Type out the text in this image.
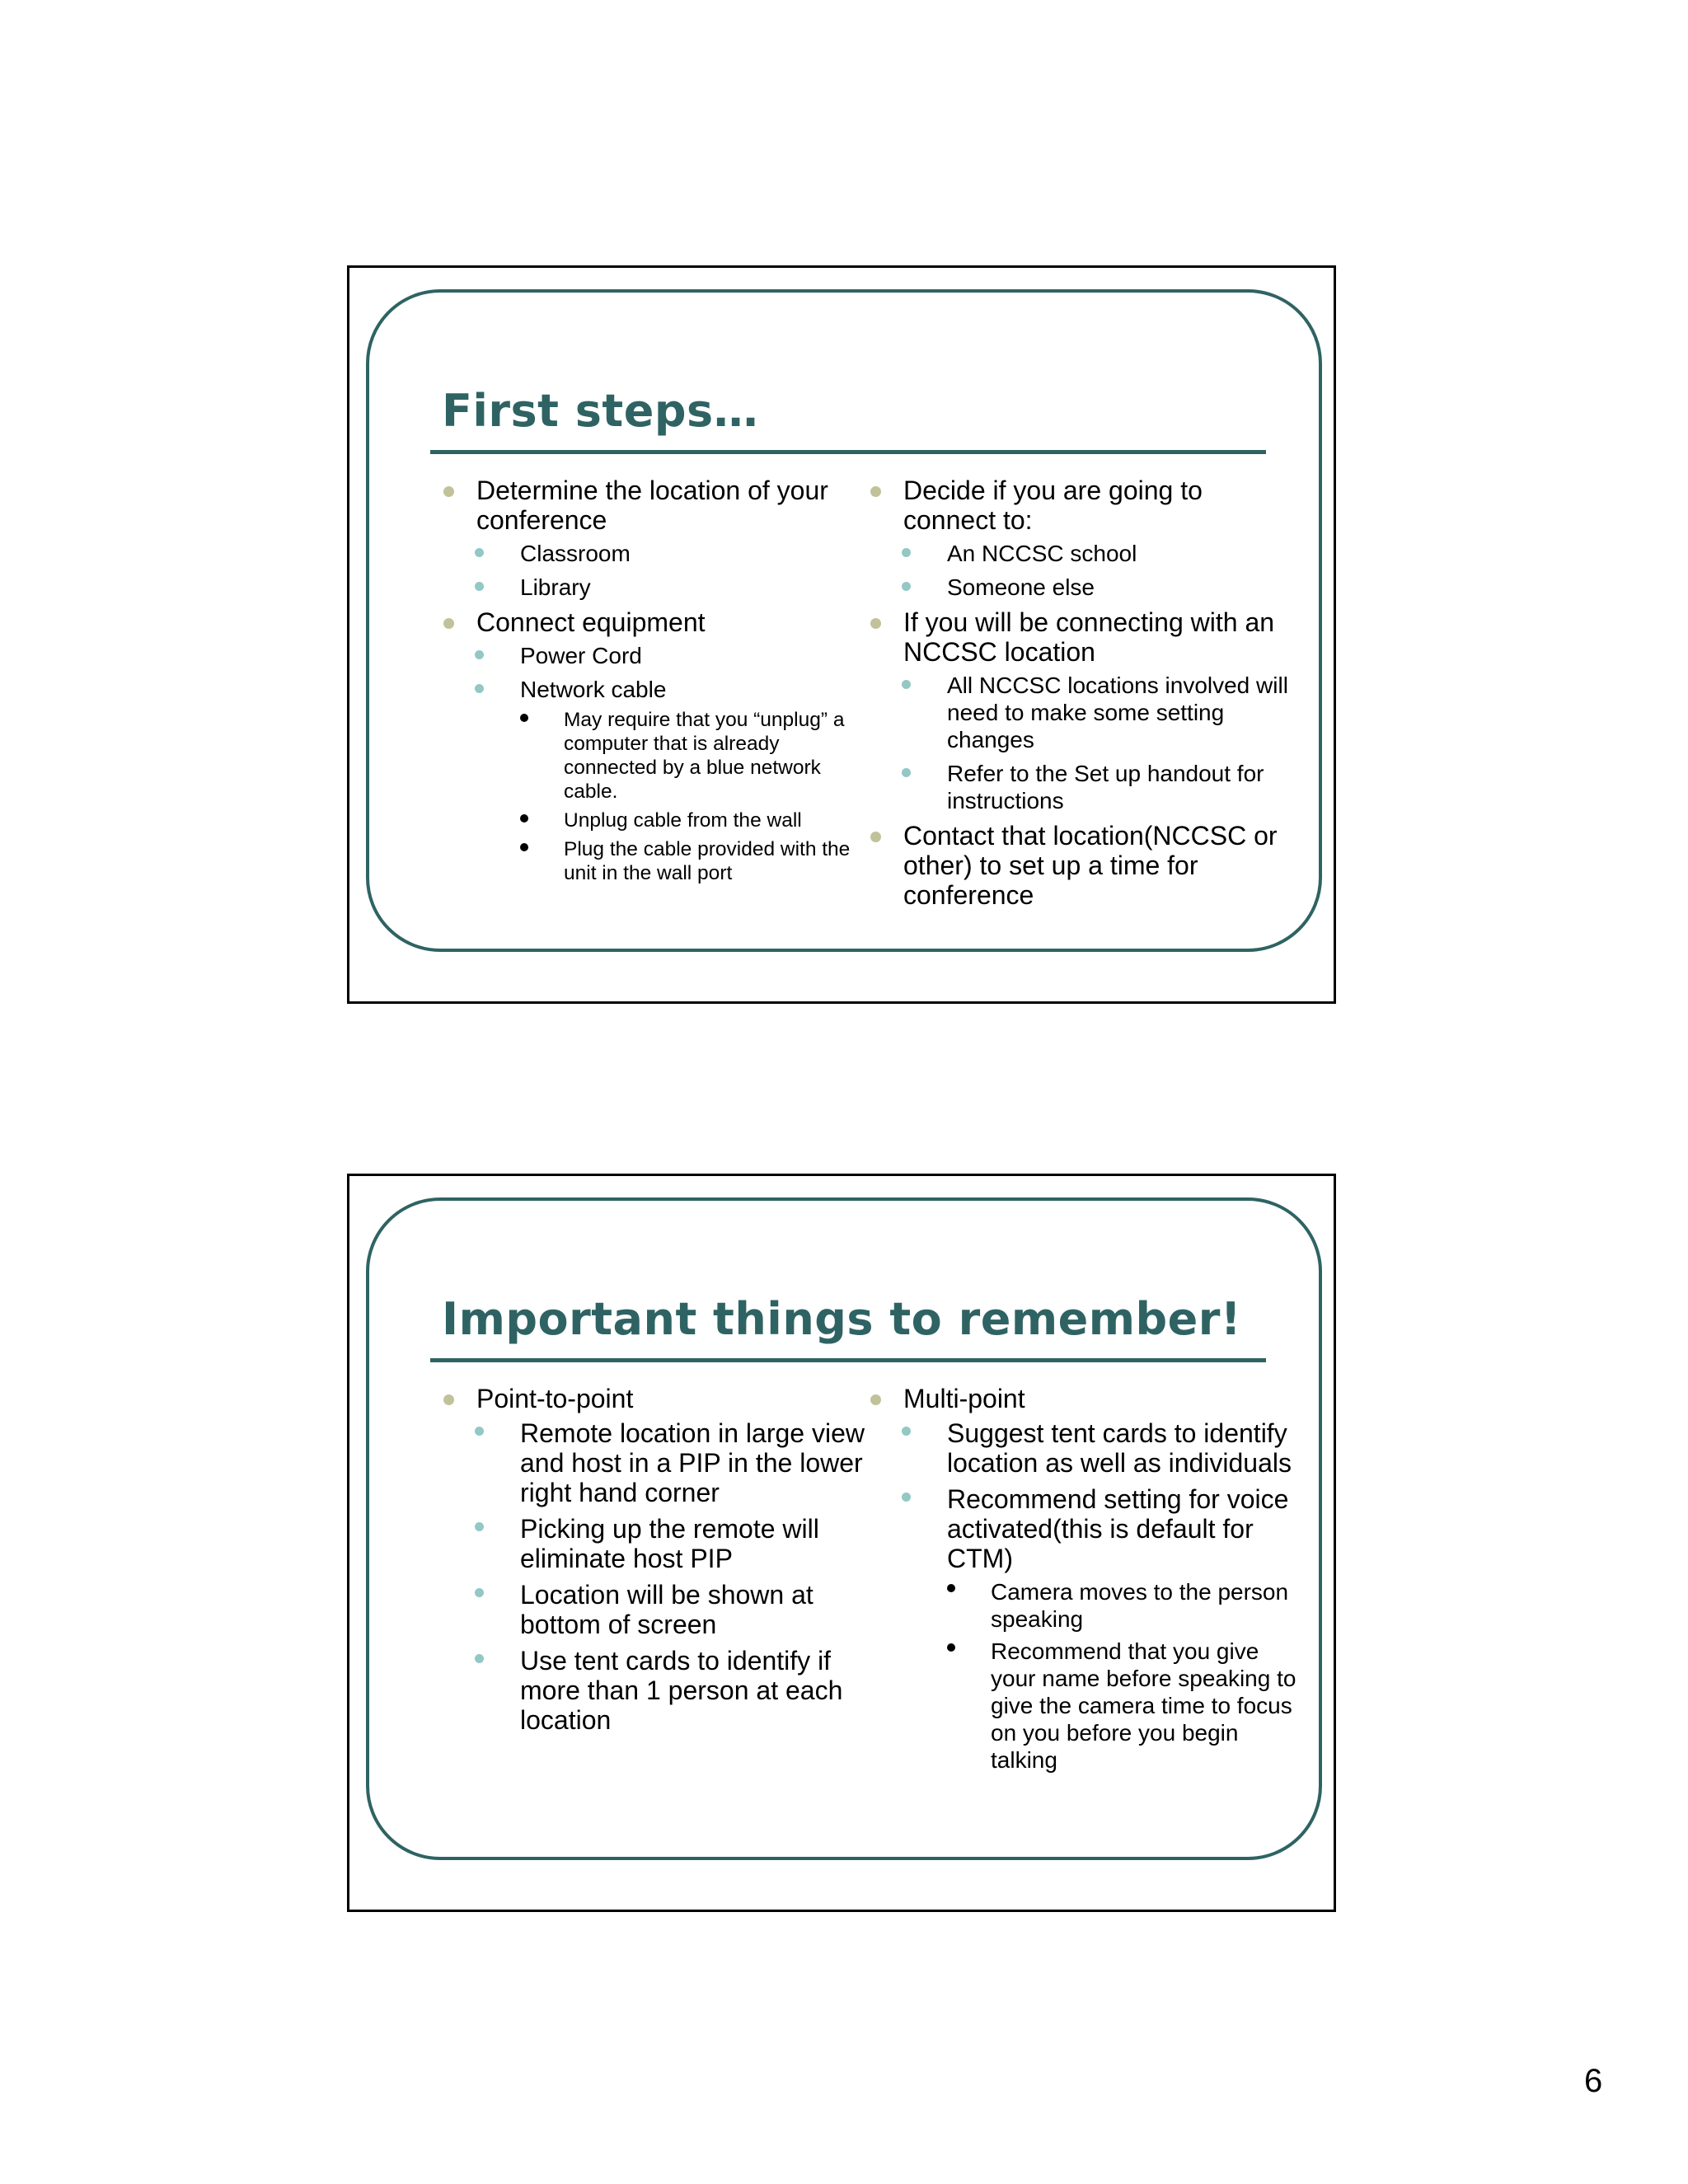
First steps…
Determine the location of your conference
Classroom
Library
Connect equipment
Power Cord
Network cable
May require that you “unplug” a computer that is already connected by a blue network cable.
Unplug cable from the wall
Plug the cable provided with the unit in the wall port
Decide if you are going to connect to:
An NCCSC school
Someone else
If you will be connecting with an NCCSC location
All NCCSC locations involved will need to make some setting changes
Refer to the Set up handout for instructions
Contact that location(NCCSC or other) to set up a time for conference
Important things to remember!
Point-to-point
Remote location in large view and host in a PIP in the lower right hand corner
Picking up the remote will eliminate host PIP
Location will be shown at bottom of screen
Use tent cards to identify if more than 1 person at each location
Multi-point
Suggest tent cards to identify location as well as individuals
Recommend setting for voice activated(this is default for CTM)
Camera moves to the person speaking
Recommend that you give your name before speaking to give the camera time to focus on you before you begin talking
6
